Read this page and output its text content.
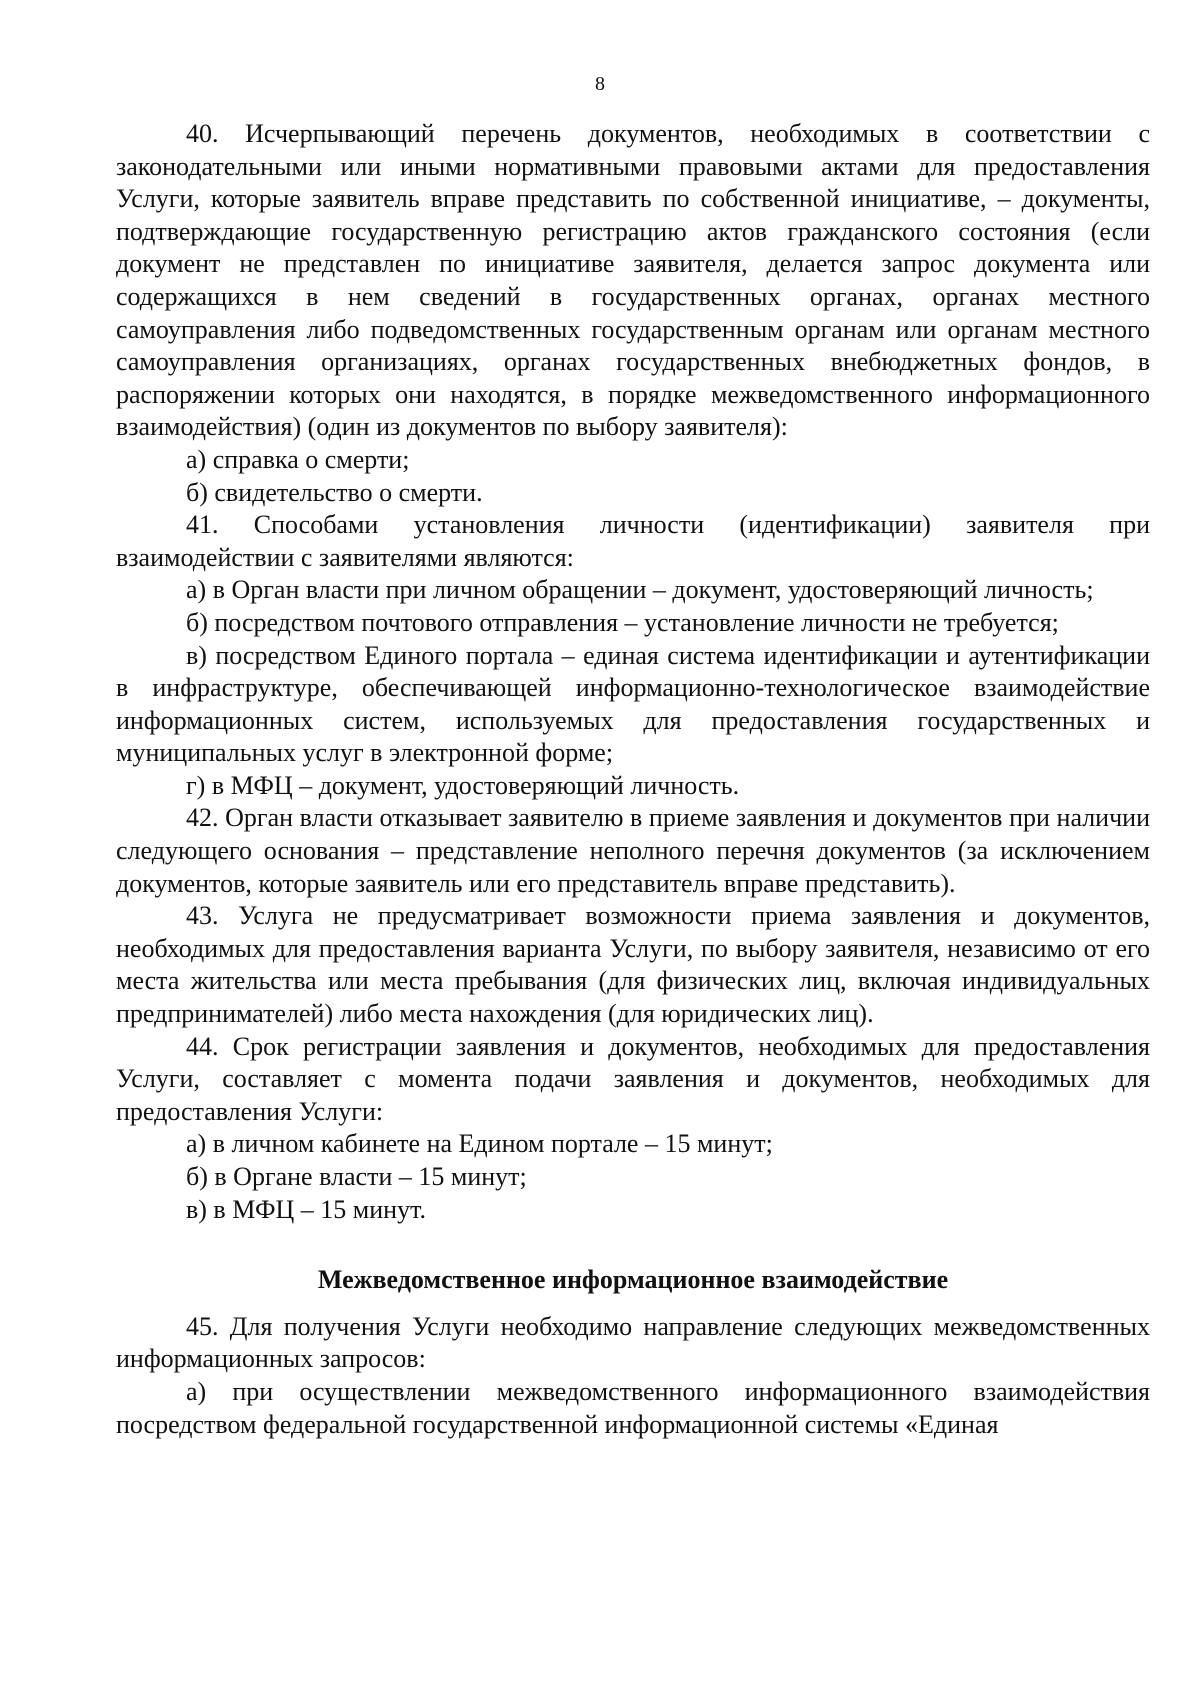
8

40. Исчерпывающий перечень документов, необходимых в соответствии с законодательными или иными нормативными правовыми актами для предоставления Услуги, которые заявитель вправе представить по собственной инициативе, – документы, подтверждающие государственную регистрацию актов гражданского состояния (если документ не представлен по инициативе заявителя, делается запрос документа или содержащихся в нем сведений в государственных органах, органах местного самоуправления либо подведомственных государственным органам или органам местного самоуправления организациях, органах государственных внебюджетных фондов, в распоряжении которых они находятся, в порядке межведомственного информационного взаимодействия) (один из документов по выбору заявителя):

а) справка о смерти;

б) свидетельство о смерти.

41. Способами установления личности (идентификации) заявителя при взаимодействии с заявителями являются:

а) в Орган власти при личном обращении – документ, удостоверяющий личность;

б) посредством почтового отправления – установление личности не требуется;

в) посредством Единого портала – единая система идентификации и аутентификации в инфраструктуре, обеспечивающей информационно-технологическое взаимодействие информационных систем, используемых для предоставления государственных и муниципальных услуг в электронной форме;

г) в МФЦ – документ, удостоверяющий личность.

42. Орган власти отказывает заявителю в приеме заявления и документов при наличии следующего основания – представление неполного перечня документов (за исключением документов, которые заявитель или его представитель вправе представить).

43. Услуга не предусматривает возможности приема заявления и документов, необходимых для предоставления варианта Услуги, по выбору заявителя, независимо от его места жительства или места пребывания (для физических лиц, включая индивидуальных предпринимателей) либо места нахождения (для юридических лиц).

44. Срок регистрации заявления и документов, необходимых для предоставления Услуги, составляет с момента подачи заявления и документов, необходимых для предоставления Услуги:

а) в личном кабинете на Едином портале – 15 минут;

б) в Органе власти – 15 минут;

в) в МФЦ – 15 минут.

Межведомственное информационное взаимодействие

45. Для получения Услуги необходимо направление следующих межведомственных информационных запросов:

а) при осуществлении межведомственного информационного взаимодействия посредством федеральной государственной информационной системы «Единая
